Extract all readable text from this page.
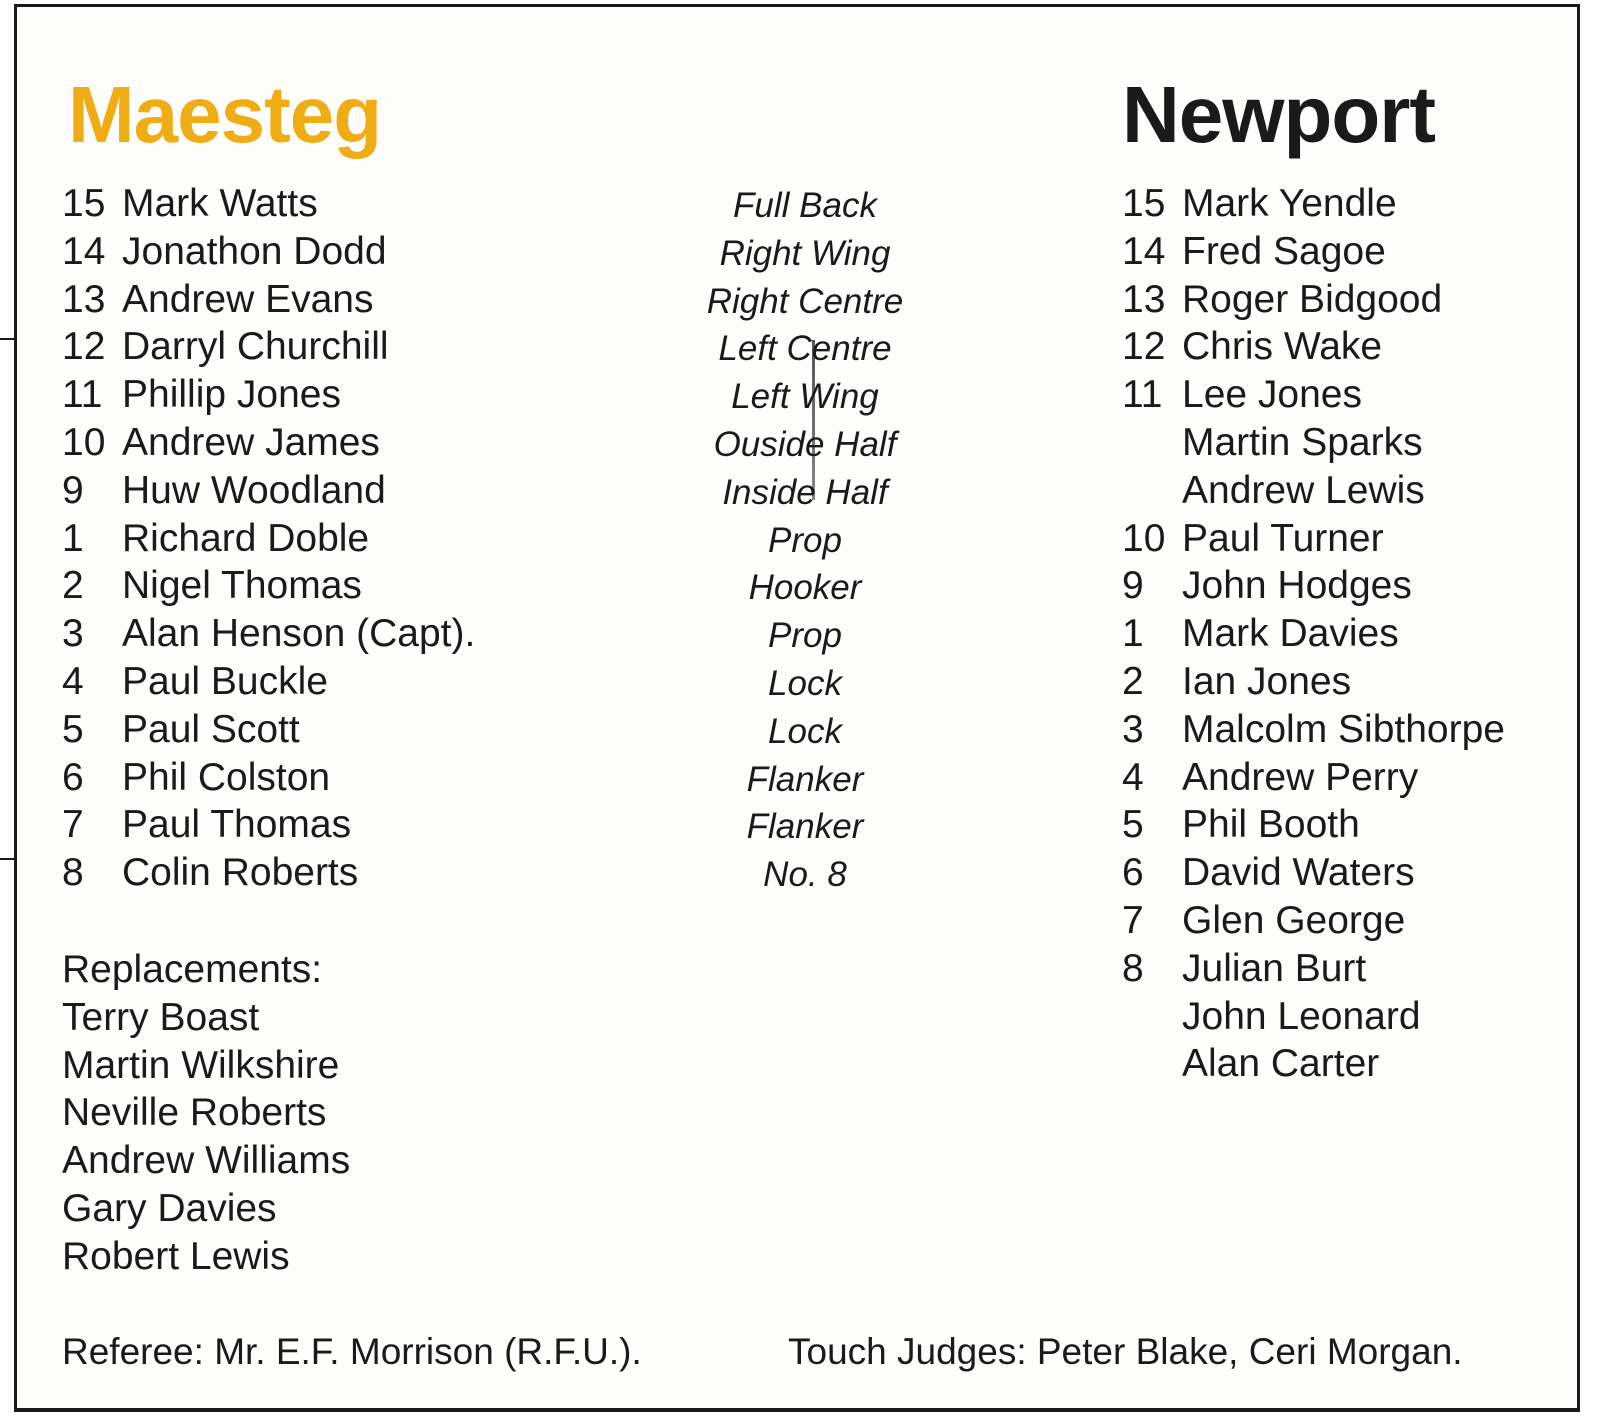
Maesteg	Newport
15 Mark Watts
14 Jonathon Dodd
13 Andrew Evans
12 Darryl Churchill
11 Phillip Jones
10 Andrew James
9 Huw Woodland
1 Richard Doble
2 Nigel Thomas
3 Alan Henson (Capt).
4 Paul Buckle
5 Paul Scott
6 Phil Colston
7 Paul Thomas
8 Colin Roberts
Full Back
Right Wing
Right Centre
Left Centre
Left Wing
Ouside Half
Inside Half
Prop
Hooker
Prop
Lock
Lock
Flanker
Flanker
No. 8
15 Mark Yendle
14 Fred Sagoe
13 Roger Bidgood
12 Chris Wake
11 Lee Jones
Martin Sparks
Andrew Lewis
10 Paul Turner
9 John Hodges
1 Mark Davies
2 Ian Jones
3 Malcolm Sibthorpe
4 Andrew Perry
5 Phil Booth
6 David Waters
7 Glen George
8 Julian Burt
John Leonard
Alan Carter
Replacements:
Terry Boast
Martin Wilkshire
Neville Roberts
Andrew Williams
Gary Davies
Robert Lewis
Referee: Mr. E.F. Morrison (R.F.U.).	Touch Judges: Peter Blake, Ceri Morgan.
